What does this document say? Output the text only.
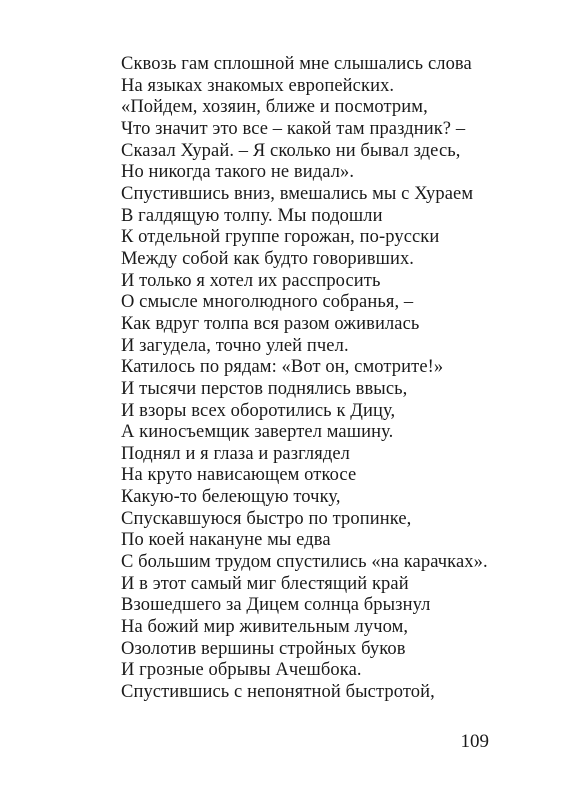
Сквозь гам сплошной мне слышались слова
На языках знакомых европейских.
«Пойдем, хозяин, ближе и посмотрим,
Что значит это все – какой там праздник? –
Сказал Хурай. – Я сколько ни бывал здесь,
Но никогда такого не видал».
Спустившись вниз, вмешались мы с Хураем
В галдящую толпу. Мы подошли
К отдельной группе горожан, по-русски
Между собой как будто говоривших.
И только я хотел их расспросить
О смысле многолюдного собранья, –
Как вдруг толпа вся разом оживилась
И загудела, точно улей пчел.
Катилось по рядам: «Вот он, смотрите!»
И тысячи перстов поднялись ввысь,
И взоры всех оборотились к Дицу,
А киносъемщик завертел машину.
Поднял и я глаза и разглядел
На круто нависающем откосе
Какую-то белеющую точку,
Спускавшуюся быстро по тропинке,
По коей накануне мы едва
С большим трудом спустились «на карачках».
И в этот самый миг блестящий край
Взошедшего за Дицем солнца брызнул
На божий мир живительным лучом,
Озолотив вершины стройных буков
И грозные обрывы Ачешбока.
Спустившись с непонятной быстротой,
109
